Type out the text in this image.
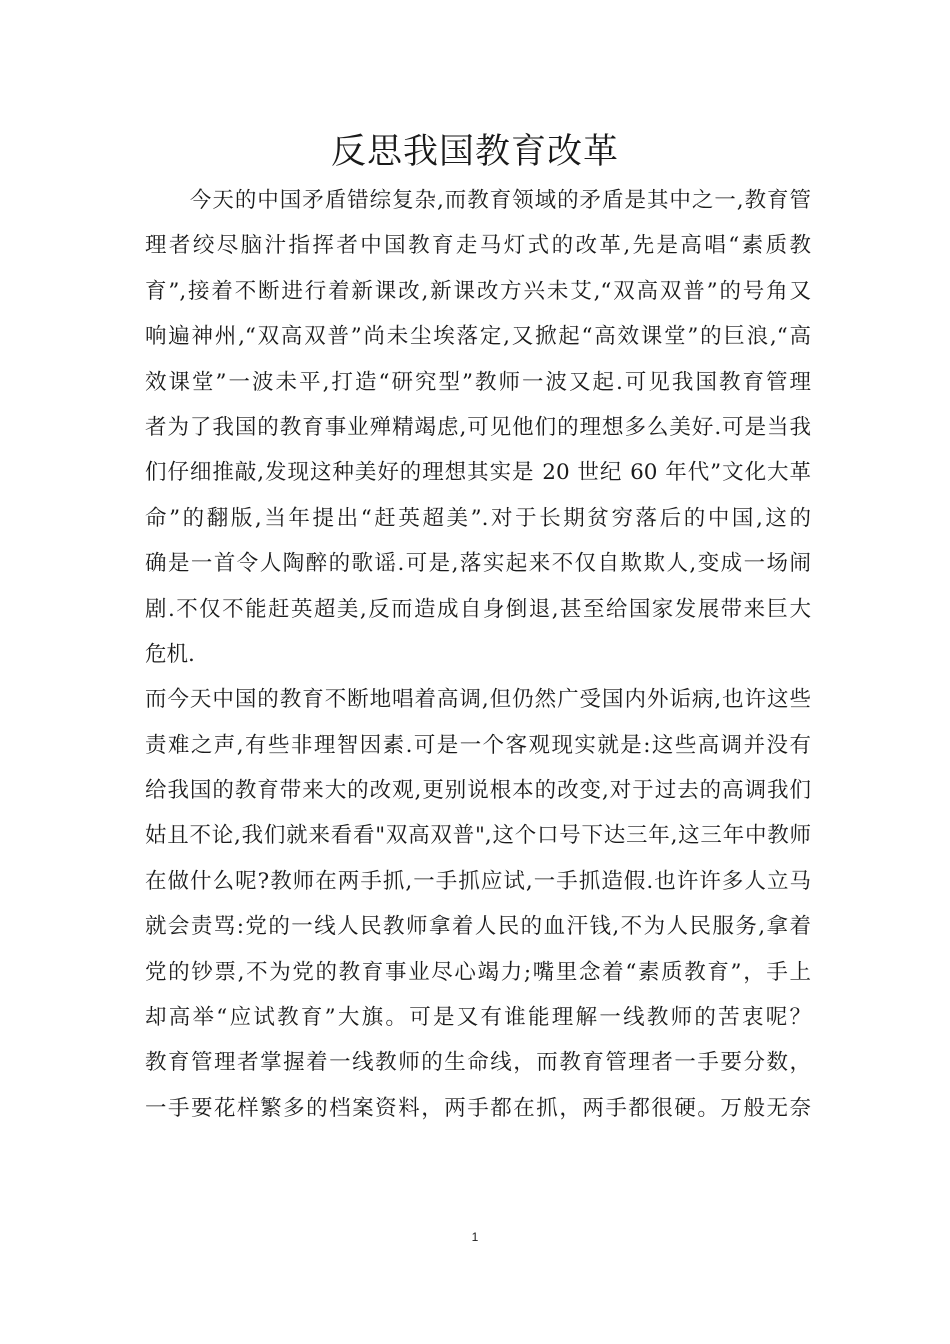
反思我国教育改革
　　今天的中国矛盾错综复杂,而教育领域的矛盾是其中之一,教育管
理者绞尽脑汁指挥者中国教育走马灯式的改革,先是高唱“素质教
育”,接着不断进行着新课改,新课改方兴未艾,“双高双普”的号角又
响遍神州,“双高双普”尚未尘埃落定,又掀起“高效课堂”的巨浪,“高
效课堂”一波未平,打造“研究型”教师一波又起.可见我国教育管理
者为了我国的教育事业殚精竭虑,可见他们的理想多么美好.可是当我
们仔细推敲,发现这种美好的理想其实是 20 世纪 60 年代”文化大革
命”的翻版,当年提出“赶英超美”.对于长期贫穷落后的中国,这的
确是一首令人陶醉的歌谣.可是,落实起来不仅自欺欺人,变成一场闹
剧.不仅不能赶英超美,反而造成自身倒退,甚至给国家发展带来巨大
危机.
而今天中国的教育不断地唱着高调,但仍然广受国内外诟病,也许这些
责难之声,有些非理智因素.可是一个客观现实就是:这些高调并没有
给我国的教育带来大的改观,更别说根本的改变,对于过去的高调我们
姑且不论,我们就来看看"双高双普",这个口号下达三年,这三年中教师
在做什么呢?教师在两手抓,一手抓应试,一手抓造假.也许许多人立马
就会责骂:党的一线人民教师拿着人民的血汗钱,不为人民服务,拿着
党的钞票,不为党的教育事业尽心竭力;嘴里念着“素质教育”，手上
却高举“应试教育”大旗。可是又有谁能理解一线教师的苦衷呢？
教育管理者掌握着一线教师的生命线，而教育管理者一手要分数，
一手要花样繁多的档案资料，两手都在抓，两手都很硬。万般无奈
1
